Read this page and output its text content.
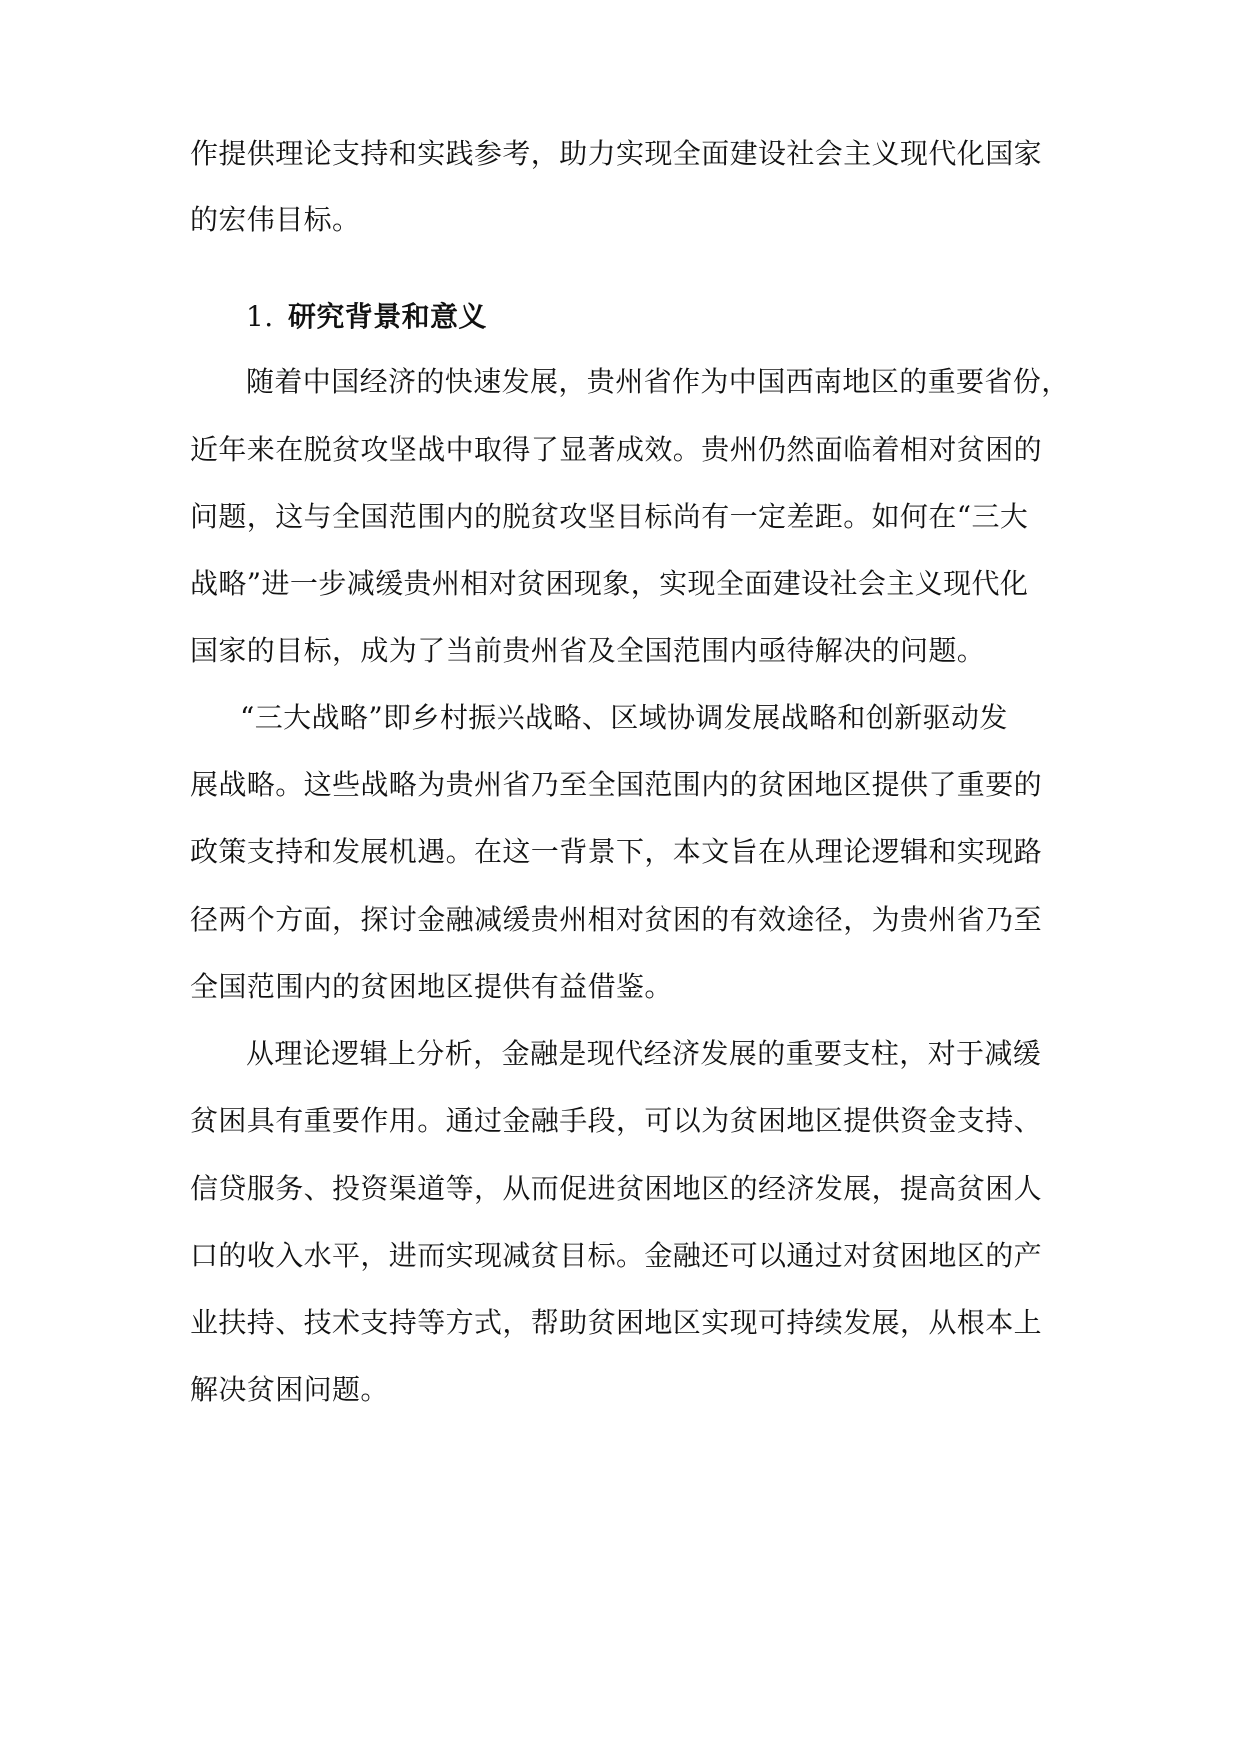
作提供理论支持和实践参考，助力实现全面建设社会主义现代化国家
的宏伟目标。
1. 研究背景和意义
随着中国经济的快速发展，贵州省作为中国西南地区的重要省份，
近年来在脱贫攻坚战中取得了显著成效。贵州仍然面临着相对贫困的
问题，这与全国范围内的脱贫攻坚目标尚有一定差距。如何在“三大
战略”进一步减缓贵州相对贫困现象，实现全面建设社会主义现代化
国家的目标，成为了当前贵州省及全国范围内亟待解决的问题。
“三大战略”即乡村振兴战略、区域协调发展战略和创新驱动发
展战略。这些战略为贵州省乃至全国范围内的贫困地区提供了重要的
政策支持和发展机遇。在这一背景下，本文旨在从理论逻辑和实现路
径两个方面，探讨金融减缓贵州相对贫困的有效途径，为贵州省乃至
全国范围内的贫困地区提供有益借鉴。
从理论逻辑上分析，金融是现代经济发展的重要支柱，对于减缓
贫困具有重要作用。通过金融手段，可以为贫困地区提供资金支持、
信贷服务、投资渠道等，从而促进贫困地区的经济发展，提高贫困人
口的收入水平，进而实现减贫目标。金融还可以通过对贫困地区的产
业扶持、技术支持等方式，帮助贫困地区实现可持续发展，从根本上
解决贫困问题。
